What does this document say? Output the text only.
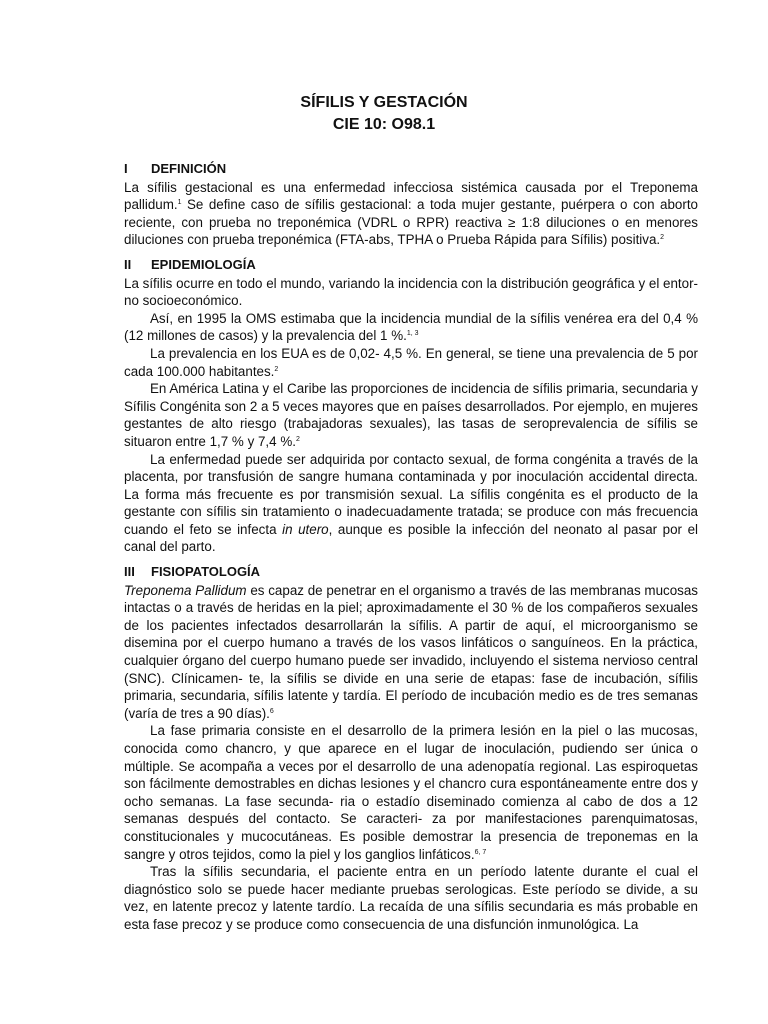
SÍFILIS Y GESTACIÓN
CIE 10: O98.1
I DEFINICIÓN

La sífilis gestacional es una enfermedad infecciosa sistémica causada por el Treponema pallidum.$^1$ Se define caso de sífilis gestacional: a toda mujer gestante, puérpera o con aborto reciente, con prueba no treponémica (VDRL o RPR) reactiva ≥ 1:8 diluciones o en menores diluciones con prueba treponémica (FTA-abs, TPHA o Prueba Rápida para Sífilis) positiva.$^2$

II EPIDEMIOLOGÍA

La sífilis ocurre en todo el mundo, variando la incidencia con la distribución geográfica y el entor- no socioeconómico.

Así, en 1995 la OMS estimaba que la incidencia mundial de la sífilis venérea era del 0,4 % (12 millones de casos) y la prevalencia del 1 %.$^{1, 3}$

La prevalencia en los EUA es de 0,02- 4,5 %. En general, se tiene una prevalencia de 5 por cada 100.000 habitantes.$^2$

En América Latina y el Caribe las proporciones de incidencia de sífilis primaria, secundaria y Sífilis Congénita son 2 a 5 veces mayores que en países desarrollados. Por ejemplo, en mujeres gestantes de alto riesgo (trabajadoras sexuales), las tasas de seroprevalencia de sífilis se situaron entre 1,7 % y 7,4 %.$^2$

La enfermedad puede ser adquirida por contacto sexual, de forma congénita a través de la placenta, por transfusión de sangre humana contaminada y por inoculación accidental directa. La forma más frecuente es por transmisión sexual. La sífilis congénita es el producto de la gestante con sífilis sin tratamiento o inadecuadamente tratada; se produce con más frecuencia cuando el feto se infecta in utero, aunque es posible la infección del neonato al pasar por el canal del parto.

III FISIOPATOLOGÍA

Treponema Pallidum es capaz de penetrar en el organismo a través de las membranas mucosas intactas o a través de heridas en la piel; aproximadamente el 30 % de los compañeros sexuales de los pacientes infectados desarrollarán la sífilis. A partir de aquí, el microorganismo se disemina por el cuerpo humano a través de los vasos linfáticos o sanguíneos. En la práctica, cualquier órgano del cuerpo humano puede ser invadido, incluyendo el sistema nervioso central (SNC). Clínicamen- te, la sífilis se divide en una serie de etapas: fase de incubación, sífilis primaria, secundaria, sífilis latente y tardía. El período de incubación medio es de tres semanas (varía de tres a 90 días).$^6$

La fase primaria consiste en el desarrollo de la primera lesión en la piel o las mucosas, conocida como chancro, y que aparece en el lugar de inoculación, pudiendo ser única o múltiple. Se acompaña a veces por el desarrollo de una adenopatía regional. Las espiroquetas son fácilmente demostrables en dichas lesiones y el chancro cura espontáneamente entre dos y ocho semanas. La fase secunda- ria o estadío diseminado comienza al cabo de dos a 12 semanas después del contacto. Se caracteri- za por manifestaciones parenquimatosas, constitucionales y mucocutáneas. Es posible demostrar la presencia de treponemas en la sangre y otros tejidos, como la piel y los ganglios linfáticos.$^{6, 7}$

Tras la sífilis secundaria, el paciente entra en un período latente durante el cual el diagnóstico solo se puede hacer mediante pruebas serologicas. Este período se divide, a su vez, en latente precoz y latente tardío. La recaída de una sífilis secundaria es más probable en esta fase precoz y se produce como consecuencia de una disfunción inmunológica. La
